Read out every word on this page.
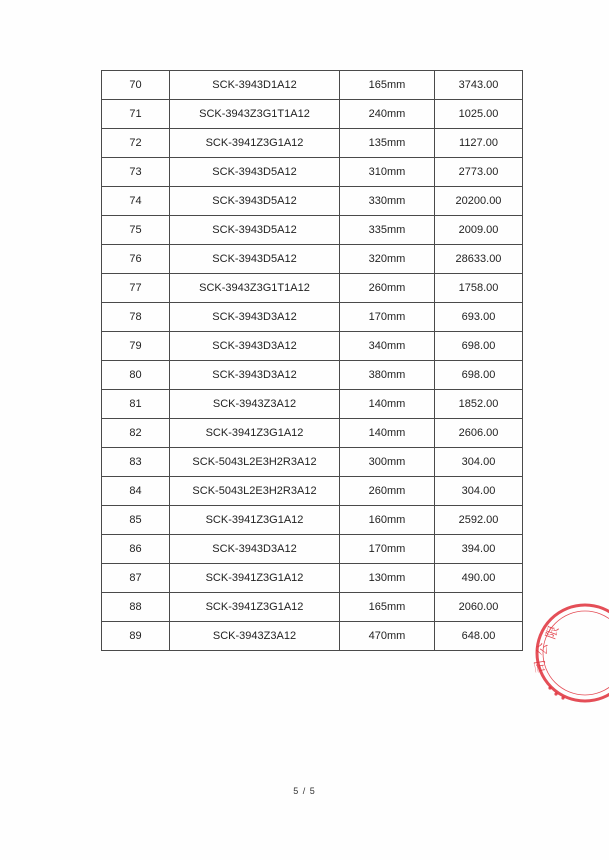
70	SCK-3943D1A12	165mm	3743.00
71	SCK-3943Z3G1T1A12	240mm	1025.00
72	SCK-3941Z3G1A12	135mm	1127.00
73	SCK-3943D5A12	310mm	2773.00
74	SCK-3943D5A12	330mm	20200.00
75	SCK-3943D5A12	335mm	2009.00
76	SCK-3943D5A12	320mm	28633.00
77	SCK-3943Z3G1T1A12	260mm	1758.00
78	SCK-3943D3A12	170mm	693.00
79	SCK-3943D3A12	340mm	698.00
80	SCK-3943D3A12	380mm	698.00
81	SCK-3943Z3A12	140mm	1852.00
82	SCK-3941Z3G1A12	140mm	2606.00
83	SCK-5043L2E3H2R3A12	300mm	304.00
84	SCK-5043L2E3H2R3A12	260mm	304.00
85	SCK-3941Z3G1A12	160mm	2592.00
86	SCK-3943D3A12	170mm	394.00
87	SCK-3941Z3G1A12	130mm	490.00
88	SCK-3941Z3G1A12	165mm	2060.00
89	SCK-3943Z3A12	470mm	648.00	限
公
司
5 / 5
